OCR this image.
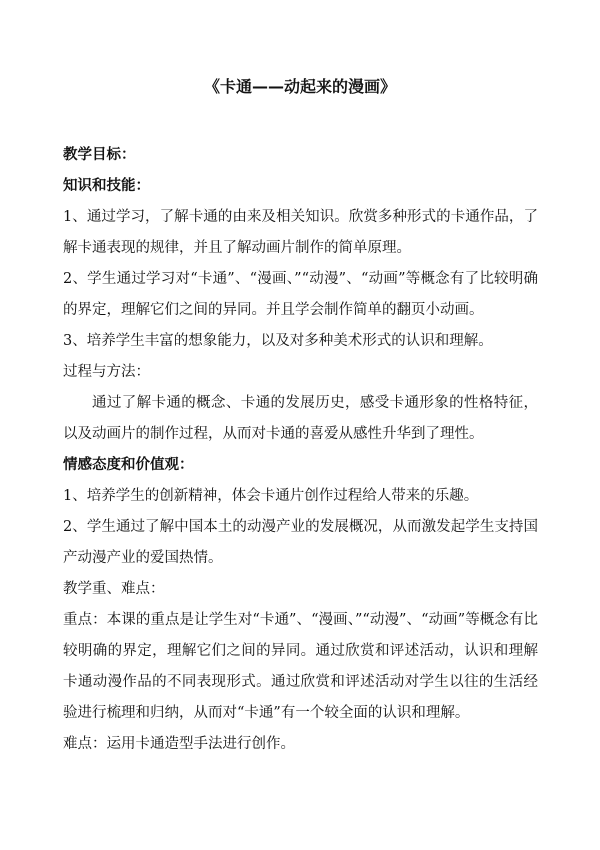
《卡通——动起来的漫画》

教学目标：

知识和技能：

1、通过学习，了解卡通的由来及相关知识。欣赏多种形式的卡通作品，了解卡通表现的规律，并且了解动画片制作的简单原理。

2、学生通过学习对“卡通”、“漫画、”“动漫”、“动画”等概念有了比较明确的界定，理解它们之间的异同。并且学会制作简单的翻页小动画。

3、培养学生丰富的想象能力，以及对多种美术形式的认识和理解。

过程与方法：

通过了解卡通的概念、卡通的发展历史，感受卡通形象的性格特征，以及动画片的制作过程，从而对卡通的喜爱从感性升华到了理性。

情感态度和价值观：

1、培养学生的创新精神，体会卡通片创作过程给人带来的乐趣。

2、学生通过了解中国本土的动漫产业的发展概况，从而激发起学生支持国产动漫产业的爱国热情。

教学重、难点：

重点：本课的重点是让学生对“卡通”、“漫画、”“动漫”、“动画”等概念有比较明确的界定，理解它们之间的异同。通过欣赏和评述活动，认识和理解卡通动漫作品的不同表现形式。通过欣赏和评述活动对学生以往的生活经验进行梳理和归纳，从而对“卡通”有一个较全面的认识和理解。

难点：运用卡通造型手法进行创作。
